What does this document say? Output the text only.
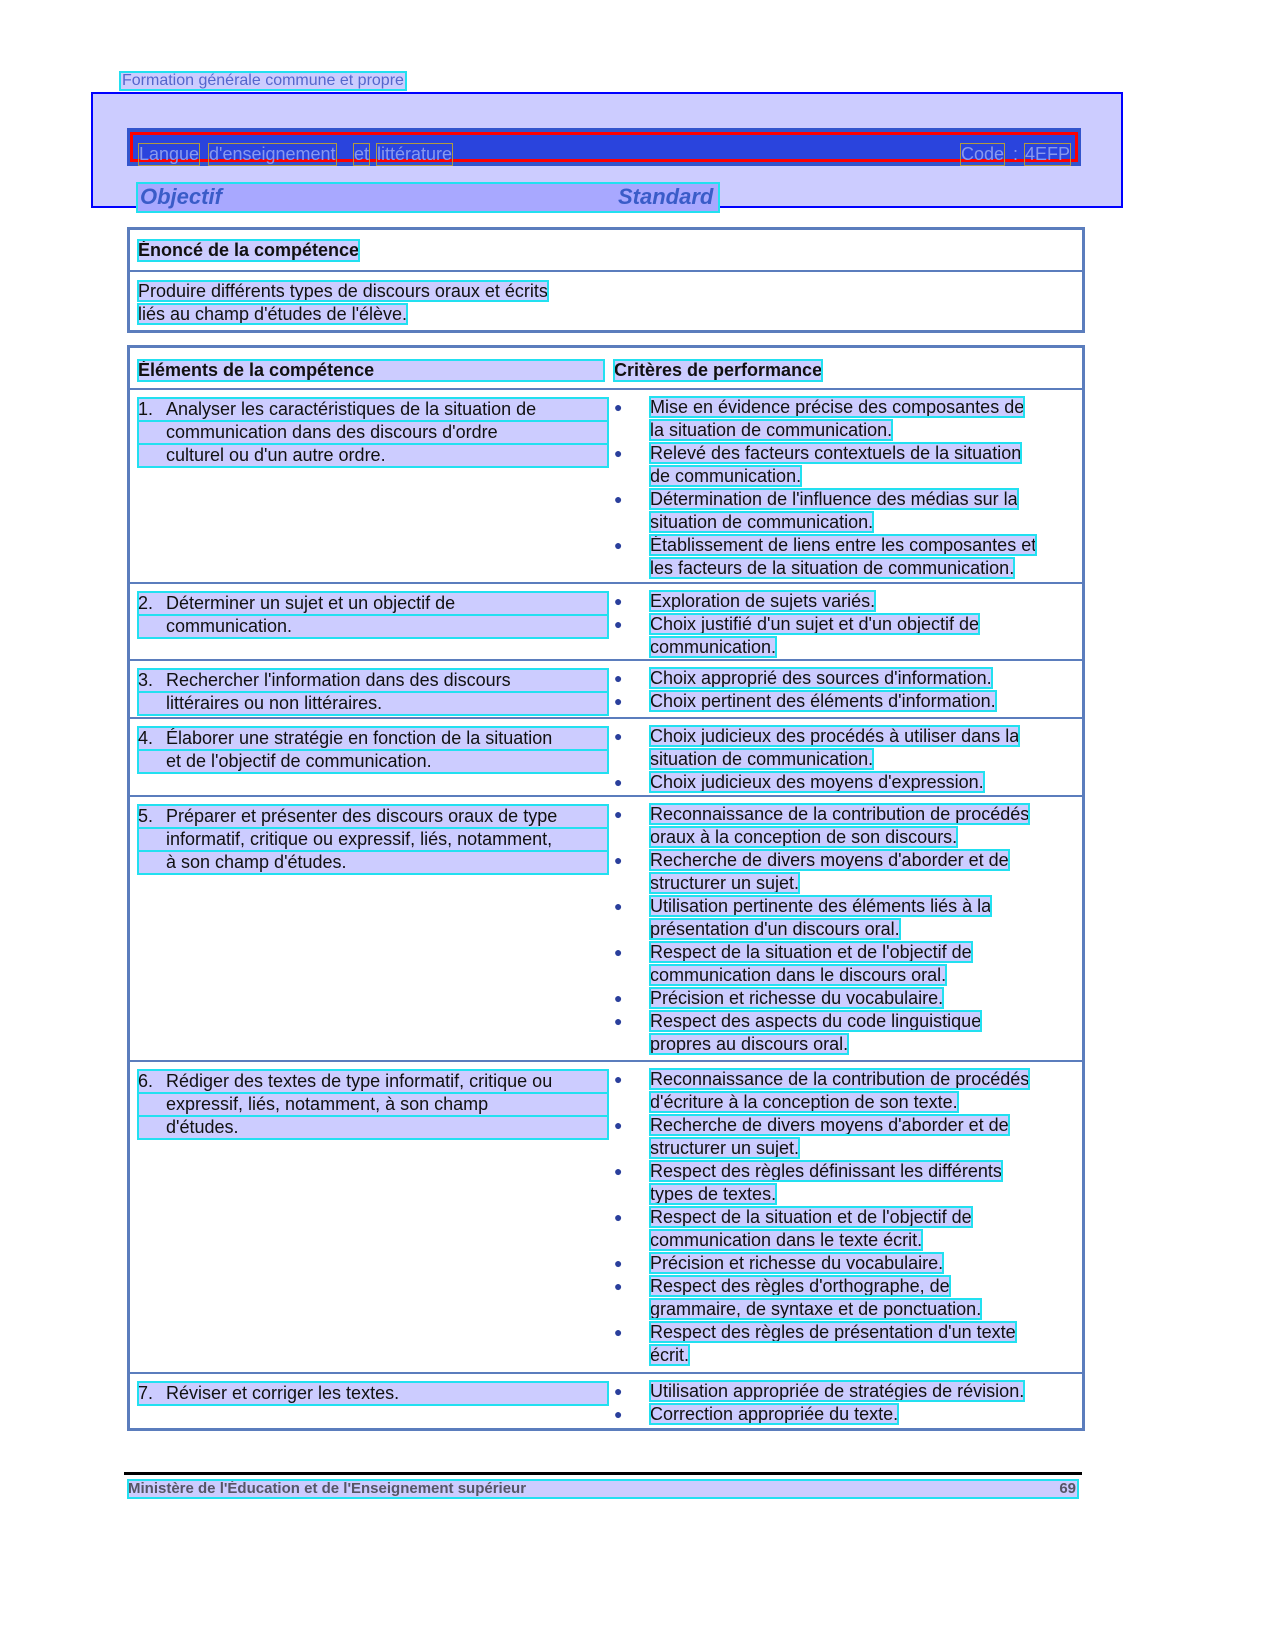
Formation générale commune et propre
Langue d'enseignement et littérature	Code : 4EFP
Objectif	Standard
Énoncé de la compétence
Produire différents types de discours oraux et écrits
liés au champ d'études de l'élève.
Éléments de la compétence	Critères de performance
1. Analyser les caractéristiques de la situation de
communication dans des discours d'ordre
culturel ou d'un autre ordre.
●	Mise en évidence précise des composantes de
la situation de communication.
●	Relevé des facteurs contextuels de la situation
de communication.
●	Détermination de l'influence des médias sur la
situation de communication.
●	Établissement de liens entre les composantes et
les facteurs de la situation de communication.
2. Déterminer un sujet et un objectif de
communication.
●	Exploration de sujets variés.
●	Choix justifié d'un sujet et d'un objectif de
communication.
3. Rechercher l'information dans des discours
littéraires ou non littéraires.
●	Choix approprié des sources d'information.
●	Choix pertinent des éléments d'information.
4. Élaborer une stratégie en fonction de la situation
et de l'objectif de communication.
●	Choix judicieux des procédés à utiliser dans la
situation de communication.
●	Choix judicieux des moyens d'expression.
5. Préparer et présenter des discours oraux de type
informatif, critique ou expressif, liés, notamment,
à son champ d'études.
●	Reconnaissance de la contribution de procédés
oraux à la conception de son discours.
●	Recherche de divers moyens d'aborder et de
structurer un sujet.
●	Utilisation pertinente des éléments liés à la
présentation d'un discours oral.
●	Respect de la situation et de l'objectif de
communication dans le discours oral.
●	Précision et richesse du vocabulaire.
●	Respect des aspects du code linguistique
propres au discours oral.
6. Rédiger des textes de type informatif, critique ou
expressif, liés, notamment, à son champ
d'études.
●	Reconnaissance de la contribution de procédés
d'écriture à la conception de son texte.
●	Recherche de divers moyens d'aborder et de
structurer un sujet.
●	Respect des règles définissant les différents
types de textes.
●	Respect de la situation et de l'objectif de
communication dans le texte écrit.
●	Précision et richesse du vocabulaire.
●	Respect des règles d'orthographe, de
grammaire, de syntaxe et de ponctuation.
●	Respect des règles de présentation d'un texte
écrit.
7. Réviser et corriger les textes.	●	Utilisation appropriée de stratégies de révision.
●	Correction appropriée du texte.
Ministère de l'Éducation et de l'Enseignement supérieur	69
